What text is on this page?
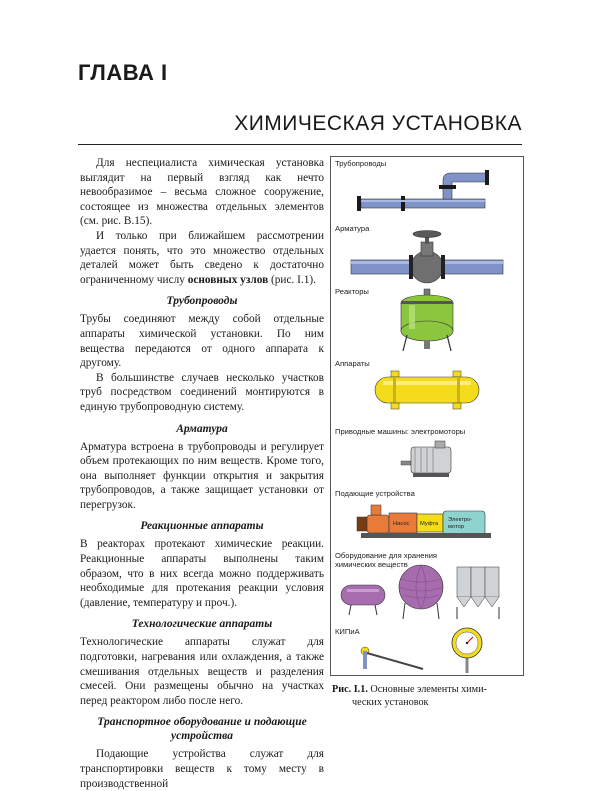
ГЛАВА I
ХИМИЧЕСКАЯ УСТАНОВКА

Для неспециалиста химическая установка выглядит на первый взгляд как нечто невообразимое – весьма сложное сооружение, состоящее из множества отдельных элементов (см. рис. В.15).

И только при ближайшем рассмотрении удается понять, что это множество отдельных деталей может быть сведено к достаточно ограниченному числу основных узлов (рис. I.1).

Трубопроводы

Трубы соединяют между собой отдельные аппараты химической установки. По ним вещества передаются от одного аппарата к другому.

В большинстве случаев несколько участков труб посредством соединений монтируются в единую трубопроводную систему.

Арматура

Арматура встроена в трубопроводы и регулирует объем протекающих по ним веществ. Кроме того, она выполняет функции открытия и закрытия трубопроводов, а также защищает установки от перегрузок.

Реакционные аппараты

В реакторах протекают химические реакции. Реакционные аппараты выполнены таким образом, что в них всегда можно поддерживать необходимые для протекания реакции условия (давление, температуру и проч.).

Технологические аппараты

Технологические аппараты служат для подготовки, нагревания или охлаждения, а также смешивания отдельных веществ и разделения смесей. Они размещены обычно на участках перед реактором либо после него.

Транспортное оборудование и подающие устройства

Подающие устройства служат для транспортировки веществ к тому месту в производственной

Трубопроводы
Арматура
Реакторы
Аппараты
Приводные машины: электромоторы
Подающие устройства
Насос Муфта
Электро-
мотор
Оборудование для хранения
химических веществ
КИПиА
Рис. I.1. Основные элементы хими-
ческих установок
